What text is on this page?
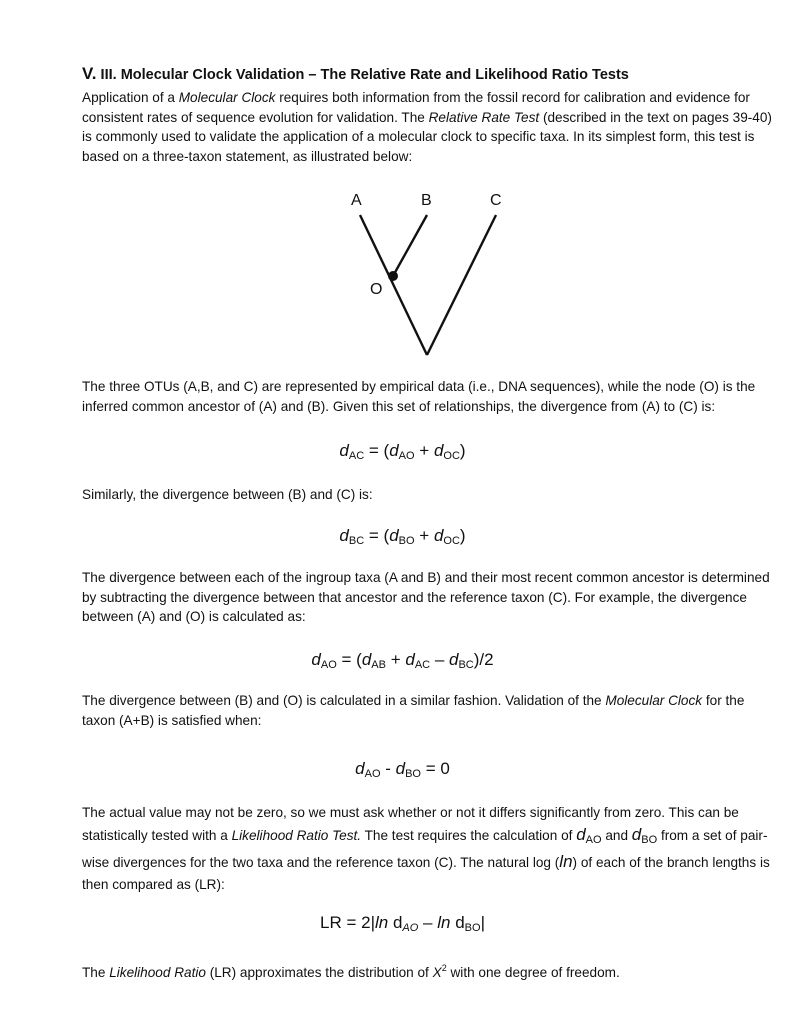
V. III. Molecular Clock Validation – The Relative Rate and Likelihood Ratio Tests
Application of a Molecular Clock requires both information from the fossil record for calibration and evidence for consistent rates of sequence evolution for validation. The Relative Rate Test (described in the text on pages 39-40) is commonly used to validate the application of a molecular clock to specific taxa. In its simplest form, this test is based on a three-taxon statement, as illustrated below:
A	B	C
O
The three OTUs (A,B, and C) are represented by empirical data (i.e., DNA sequences), while the node (O) is the inferred common ancestor of (A) and (B). Given this set of relationships, the divergence from (A) to (C) is:
$d_{AC} = (d_{AO} + d_{OC})$
Similarly, the divergence between (B) and (C) is:
$d_{BC} = (d_{BO} + d_{OC})$
The divergence between each of the ingroup taxa (A and B) and their most recent common ancestor is determined by subtracting the divergence between that ancestor and the reference taxon (C). For example, the divergence between (A) and (O) is calculated as:
$d_{AO} = (d_{AB} + d_{AC} - d_{BC})/2$
The divergence between (B) and (O) is calculated in a similar fashion. Validation of the Molecular Clock for the taxon (A+B) is satisfied when:
$d_{AO} - d_{BO} = 0$
The actual value may not be zero, so we must ask whether or not it differs significantly from zero. This can be statistically tested with a Likelihood Ratio Test. The test requires the calculation of $d_{AO}$ and $d_{BO}$ from a set of pair-wise divergences for the two taxa and the reference taxon (C). The natural log (ln) of each of the branch lengths is then compared as (LR):
LR = 2|ln $d_{AO}$ – $\ln d_{BO}|$
The Likelihood Ratio (LR) approximates the distribution of $X^2$ with one degree of freedom.
